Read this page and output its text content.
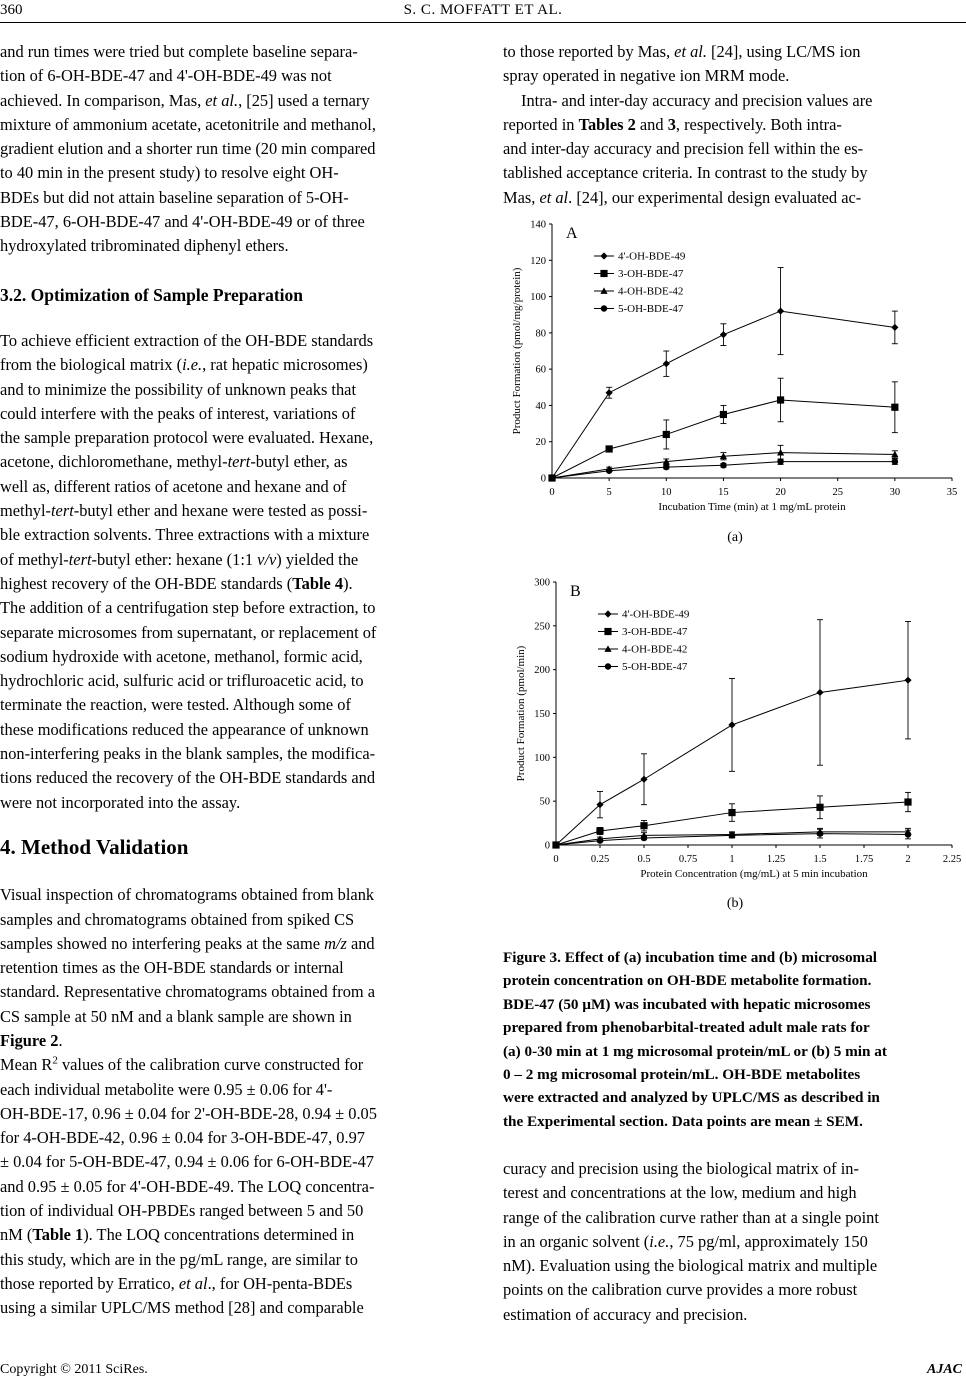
360	S. C. MOFFATT ET AL.

and run times were tried but complete baseline separa-
tion of 6-OH-BDE-47 and 4'-OH-BDE-49 was not
achieved. In comparison, Mas, et al., [25] used a ternary
mixture of ammonium acetate, acetonitrile and methanol,
gradient elution and a shorter run time (20 min compared
to 40 min in the present study) to resolve eight OH-
BDEs but did not attain baseline separation of 5-OH-
BDE-47, 6-OH-BDE-47 and 4'-OH-BDE-49 or of three
hydroxylated tribrominated diphenyl ethers.

3.2. Optimization of Sample Preparation

To achieve efficient extraction of the OH-BDE standards
from the biological matrix (i.e., rat hepatic microsomes)
and to minimize the possibility of unknown peaks that
could interfere with the peaks of interest, variations of
the sample preparation protocol were evaluated. Hexane,
acetone, dichloromethane, methyl-tert-butyl ether, as
well as, different ratios of acetone and hexane and of
methyl-tert-butyl ether and hexane were tested as possi-
ble extraction solvents. Three extractions with a mixture
of methyl-tert-butyl ether: hexane (1:1 v/v) yielded the
highest recovery of the OH-BDE standards (Table 4).
The addition of a centrifugation step before extraction, to
separate microsomes from supernatant, or replacement of
sodium hydroxide with acetone, methanol, formic acid,
hydrochloric acid, sulfuric acid or trifluroacetic acid, to
terminate the reaction, were tested. Although some of
these modifications reduced the appearance of unknown
non-interfering peaks in the blank samples, the modifica-
tions reduced the recovery of the OH-BDE standards and
were not incorporated into the assay.

4. Method Validation

Visual inspection of chromatograms obtained from blank
samples and chromatograms obtained from spiked CS
samples showed no interfering peaks at the same m/z and
retention times as the OH-BDE standards or internal
standard. Representative chromatograms obtained from a
CS sample at 50 nM and a blank sample are shown in
Figure 2.

Mean $R^2$ values of the calibration curve constructed for
each individual metabolite were 0.95 ± 0.06 for 4'-
OH-BDE-17, 0.96 ± 0.04 for 2'-OH-BDE-28, 0.94 ± 0.05
for 4-OH-BDE-42, 0.96 ± 0.04 for 3-OH-BDE-47, 0.97
± 0.04 for 5-OH-BDE-47, 0.94 ± 0.06 for 6-OH-BDE-47
and 0.95 ± 0.05 for 4'-OH-BDE-49. The LOQ concentra-
tion of individual OH-PBDEs ranged between 5 and 50
nM (Table 1). The LOQ concentrations determined in
this study, which are in the pg/mL range, are similar to
those reported by Erratico, et al., for OH-penta-BDEs
using a similar UPLC/MS method [28] and comparable

to those reported by Mas, et al. [24], using LC/MS ion
spray operated in negative ion MRM mode.

Intra- and inter-day accuracy and precision values are
reported in Tables 2 and 3, respectively. Both intra-
and inter-day accuracy and precision fell within the es-
tablished acceptance criteria. In contrast to the study by
Mas, et al. [24], our experimental design evaluated ac-

0
20
40
60
80
100
120
140
0	5	10	15	20	25	30	35
Incubation Time (min) at 1 mg/mL protein
Product Formation (pmol/mg/protein)
A
4'-OH-BDE-49
3-OH-BDE-47
4-OH-BDE-42
5-OH-BDE-47
(a)
0
50
100
150
200
250
300
0	0.25	0.5	0.75	1	1.25	1.5	1.75	2	2.25
Protein Concentration (mg/mL) at 5 min incubation
Product Formation (pmol/min)
B
4'-OH-BDE-49
3-OH-BDE-47
4-OH-BDE-42
5-OH-BDE-47
(b)
Figure 3. Effect of (a) incubation time and (b) microsomal
protein concentration on OH-BDE metabolite formation.
BDE-47 (50 µM) was incubated with hepatic microsomes
prepared from phenobarbital-treated adult male rats for
(a) 0-30 min at 1 mg microsomal protein/mL or (b) 5 min at
0 – 2 mg microsomal protein/mL. OH-BDE metabolites
were extracted and analyzed by UPLC/MS as described in
the Experimental section. Data points are mean ± SEM.

curacy and precision using the biological matrix of in-
terest and concentrations at the low, medium and high
range of the calibration curve rather than at a single point
in an organic solvent (i.e., 75 pg/ml, approximately 150
nM). Evaluation using the biological matrix and multiple
points on the calibration curve provides a more robust
estimation of accuracy and precision.

Copyright © 2011 SciRes.	AJAC
